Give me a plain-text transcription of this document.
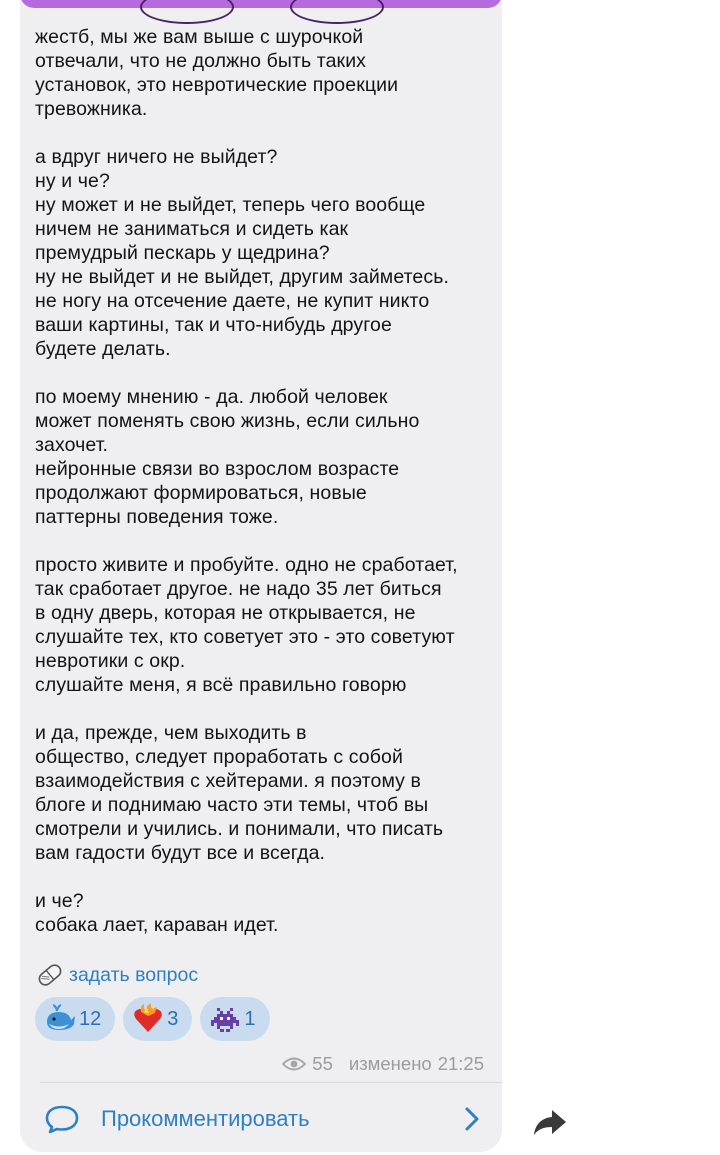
жестб, мы же вам выше с шурочкой
отвечали, что не должно быть таких
установок, это невротические проекции
тревожника.

а вдруг ничего не выйдет?
ну и че?
ну может и не выйдет, теперь чего вообще
ничем не заниматься и сидеть как
премудрый пескарь у щедрина?
ну не выйдет и не выйдет, другим займетесь.
не ногу на отсечение даете, не купит никто
ваши картины, так и что-нибудь другое
будете делать.

по моему мнению - да. любой человек
может поменять свою жизнь, если сильно
захочет.
нейронные связи во взрослом возрасте
продолжают формироваться, новые
паттерны поведения тоже.

просто живите и пробуйте. одно не сработает,
так сработает другое. не надо 35 лет биться
в одну дверь, которая не открывается, не
слушайте тех, кто советует это - это советуют
невротики с окр.
слушайте меня, я всё правильно говорю

и да, прежде, чем выходить в
общество, следует проработать с собой
взаимодействия с хейтерами. я поэтому в
блоге и поднимаю часто эти темы, чтоб вы
смотрели и учились. и понимали, что писать
вам гадости будут все и всегда.

и че?
собака лает, караван идет.

задать вопрос
12	3	1
55 изменено 21:25
Прокомментировать
